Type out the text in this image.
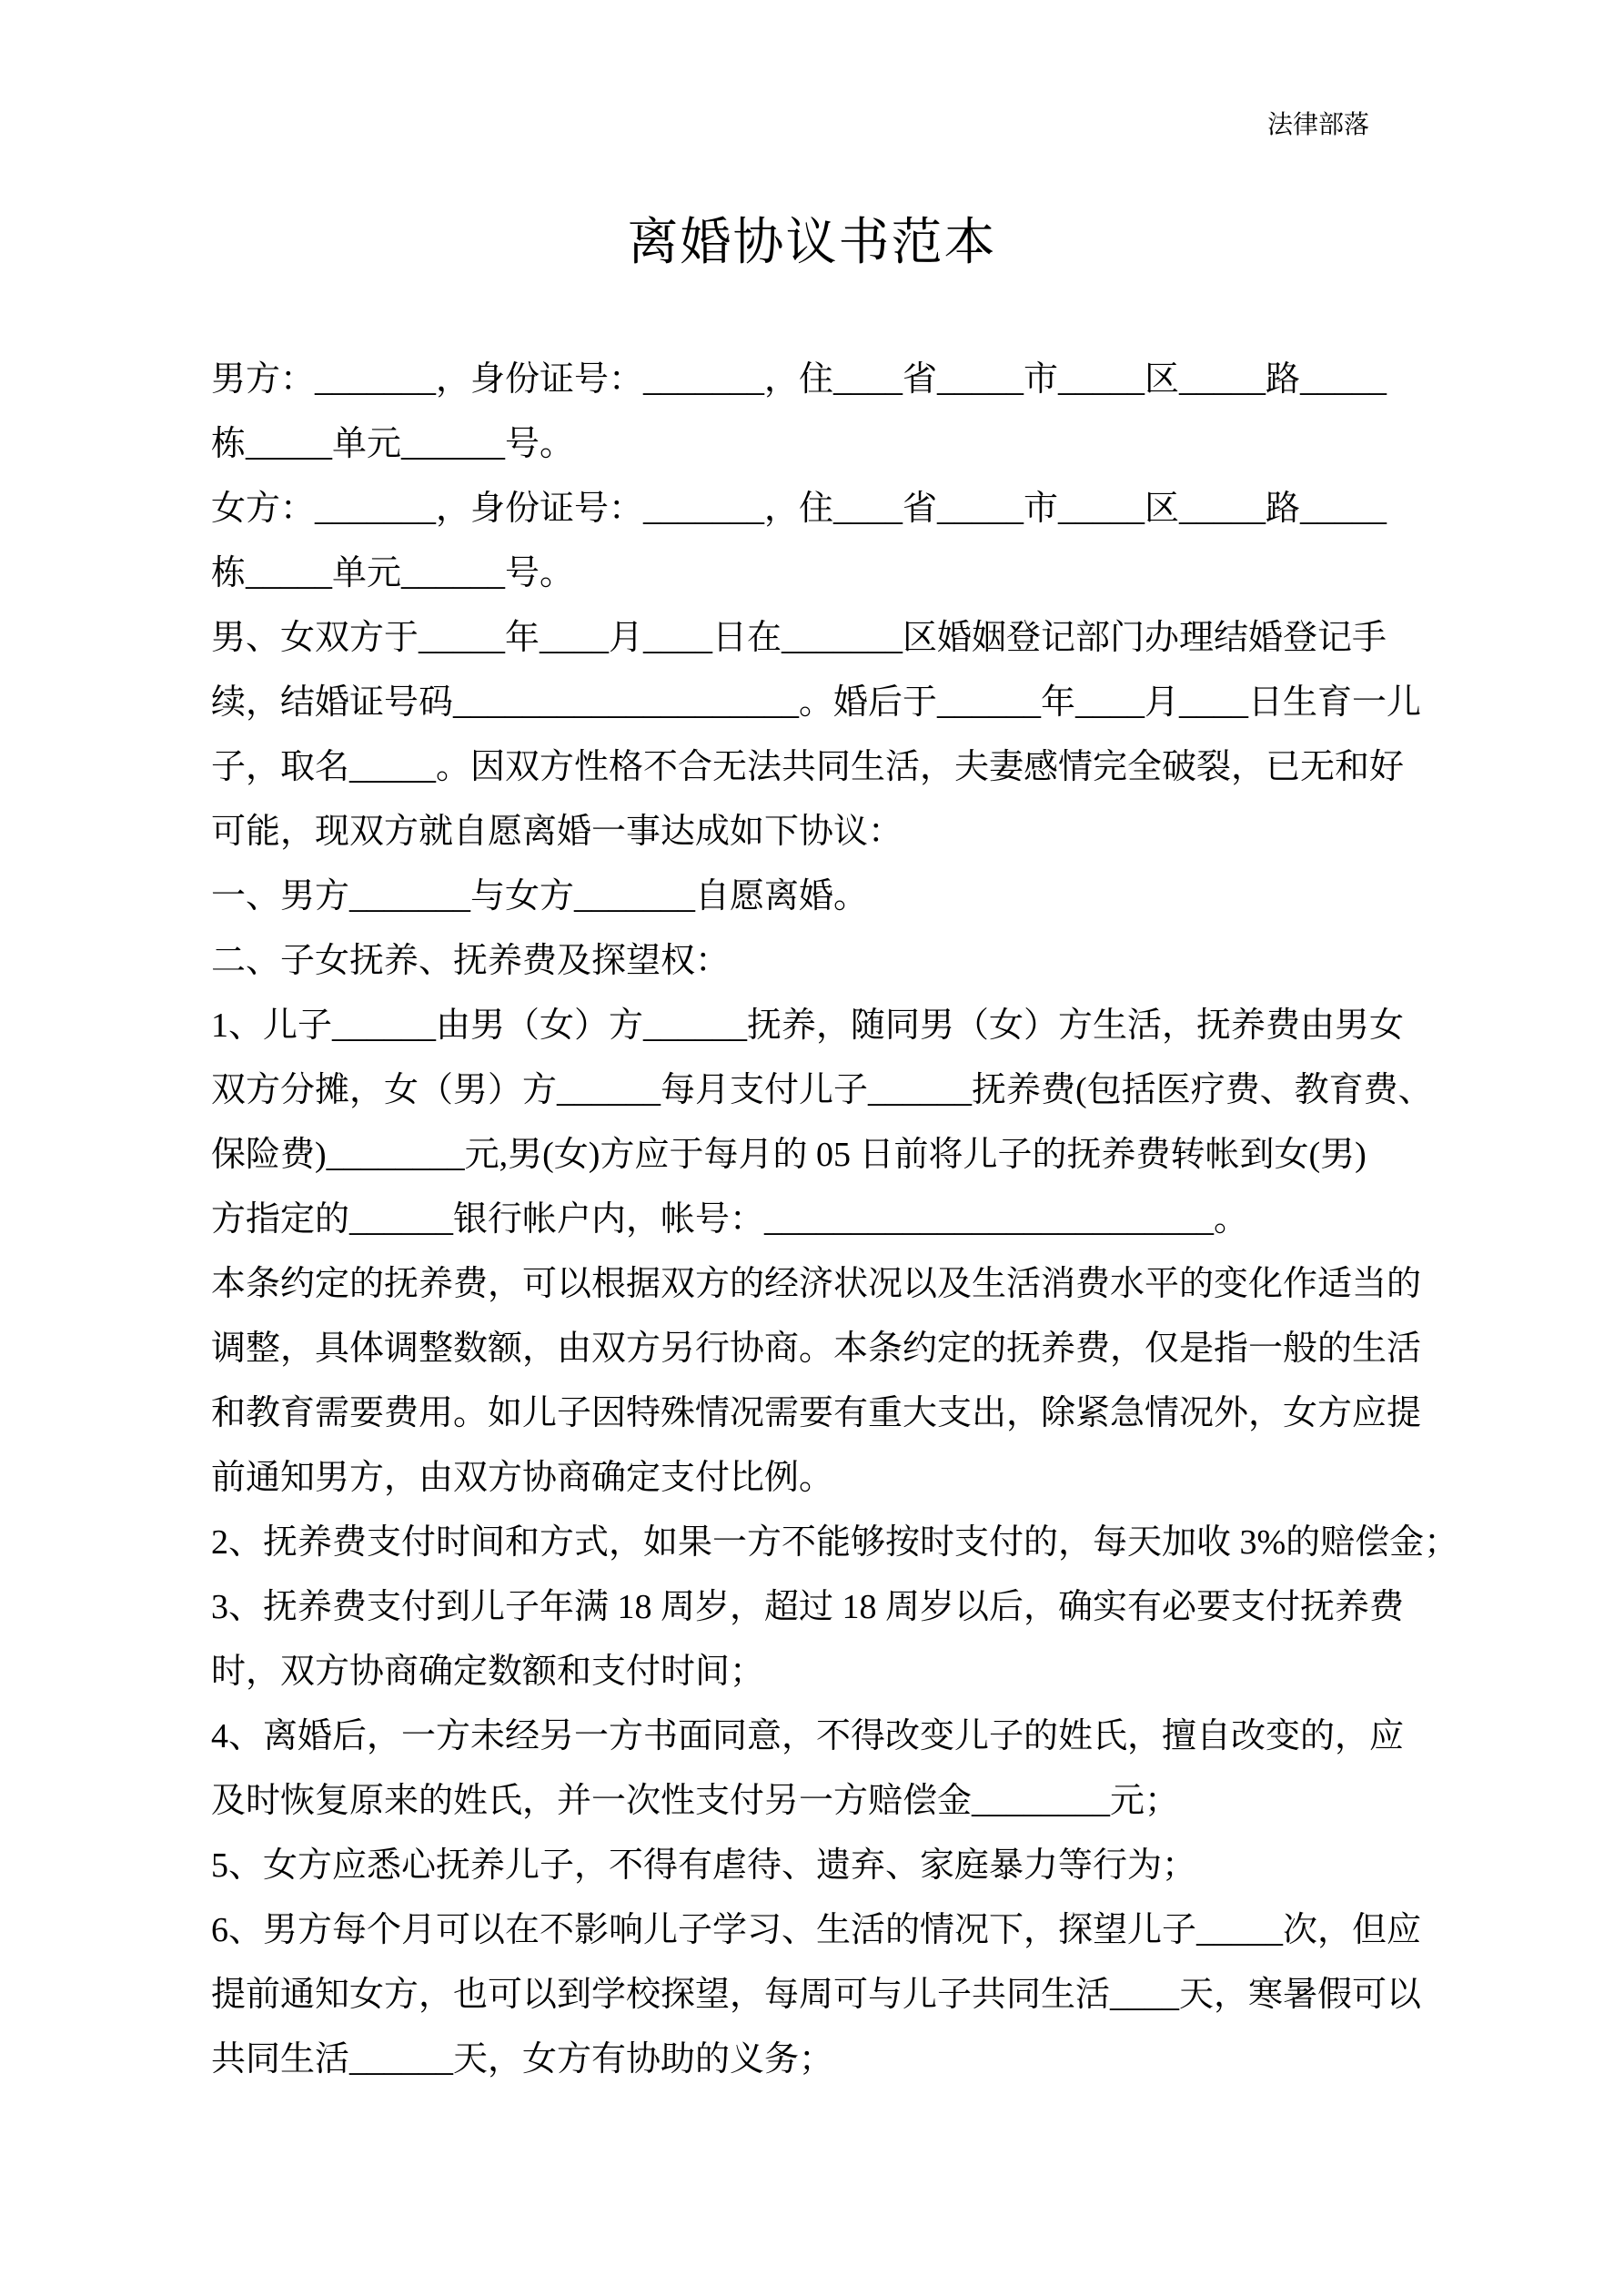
法律部落
离婚协议书范本
男方：_______，身份证号：_______，住____省_____市_____区_____路_____
栋_____单元______号。
女方：_______，身份证号：_______，住____省_____市_____区_____路_____
栋_____单元______号。
男、女双方于_____年____月____日在_______区婚姻登记部门办理结婚登记手
续，结婚证号码____________________。婚后于______年____月____日生育一儿
子，取名_____。因双方性格不合无法共同生活，夫妻感情完全破裂，已无和好
可能，现双方就自愿离婚一事达成如下协议：
一、男方_______与女方_______自愿离婚。
二、子女抚养、抚养费及探望权：
1、儿子______由男（女）方______抚养，随同男（女）方生活，抚养费由男女
双方分摊，女（男）方______每月支付儿子______抚养费(包括医疗费、教育费、
保险费)________元,男(女)方应于每月的 05 日前将儿子的抚养费转帐到女(男)
方指定的______银行帐户内，帐号：__________________________。
本条约定的抚养费，可以根据双方的经济状况以及生活消费水平的变化作适当的
调整，具体调整数额，由双方另行协商。本条约定的抚养费，仅是指一般的生活
和教育需要费用。如儿子因特殊情况需要有重大支出，除紧急情况外，女方应提
前通知男方，由双方协商确定支付比例。
2、抚养费支付时间和方式，如果一方不能够按时支付的，每天加收 3%的赔偿金；
3、抚养费支付到儿子年满 18 周岁，超过 18 周岁以后，确实有必要支付抚养费
时，双方协商确定数额和支付时间；
4、离婚后，一方未经另一方书面同意，不得改变儿子的姓氏，擅自改变的，应
及时恢复原来的姓氏，并一次性支付另一方赔偿金________元；
5、女方应悉心抚养儿子，不得有虐待、遗弃、家庭暴力等行为；
6、男方每个月可以在不影响儿子学习、生活的情况下，探望儿子_____次，但应
提前通知女方，也可以到学校探望，每周可与儿子共同生活____天，寒暑假可以
共同生活______天，女方有协助的义务；
